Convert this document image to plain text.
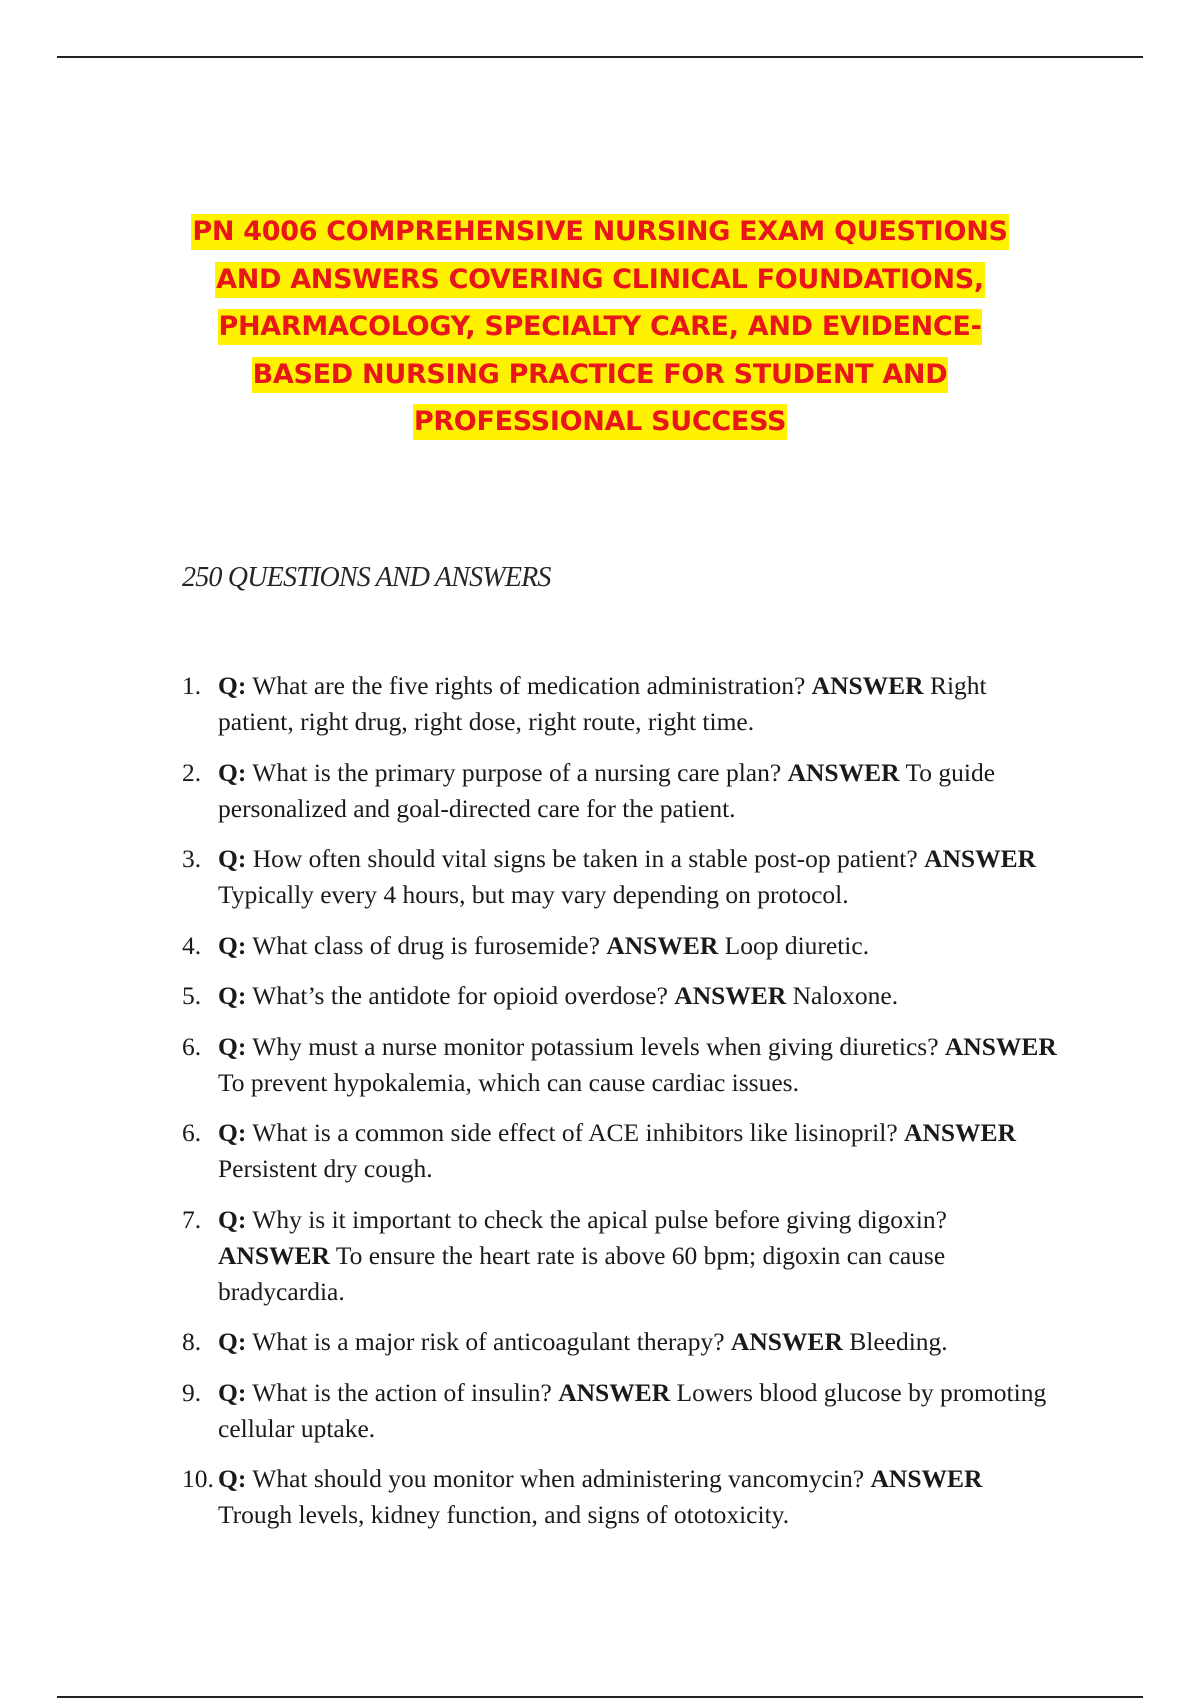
PN 4006 COMPREHENSIVE NURSING EXAM QUESTIONS
AND ANSWERS COVERING CLINICAL FOUNDATIONS,
PHARMACOLOGY, SPECIALTY CARE, AND EVIDENCE-
BASED NURSING PRACTICE FOR STUDENT AND
PROFESSIONAL SUCCESS

250 QUESTIONS AND ANSWERS

1. Q: What are the five rights of medication administration? ANSWER Right patient, right drug, right dose, right route, right time.
2. Q: What is the primary purpose of a nursing care plan? ANSWER To guide personalized and goal-directed care for the patient.
3. Q: How often should vital signs be taken in a stable post-op patient? ANSWER Typically every 4 hours, but may vary depending on protocol.
4. Q: What class of drug is furosemide? ANSWER Loop diuretic.
5. Q: What’s the antidote for opioid overdose? ANSWER Naloxone.
6. Q: Why must a nurse monitor potassium levels when giving diuretics? ANSWER To prevent hypokalemia, which can cause cardiac issues.
6. Q: What is a common side effect of ACE inhibitors like lisinopril? ANSWER Persistent dry cough.
7. Q: Why is it important to check the apical pulse before giving digoxin? ANSWER To ensure the heart rate is above 60 bpm; digoxin can cause bradycardia.
8. Q: What is a major risk of anticoagulant therapy? ANSWER Bleeding.
9. Q: What is the action of insulin? ANSWER Lowers blood glucose by promoting cellular uptake.
10. Q: What should you monitor when administering vancomycin? ANSWER Trough levels, kidney function, and signs of ototoxicity.
